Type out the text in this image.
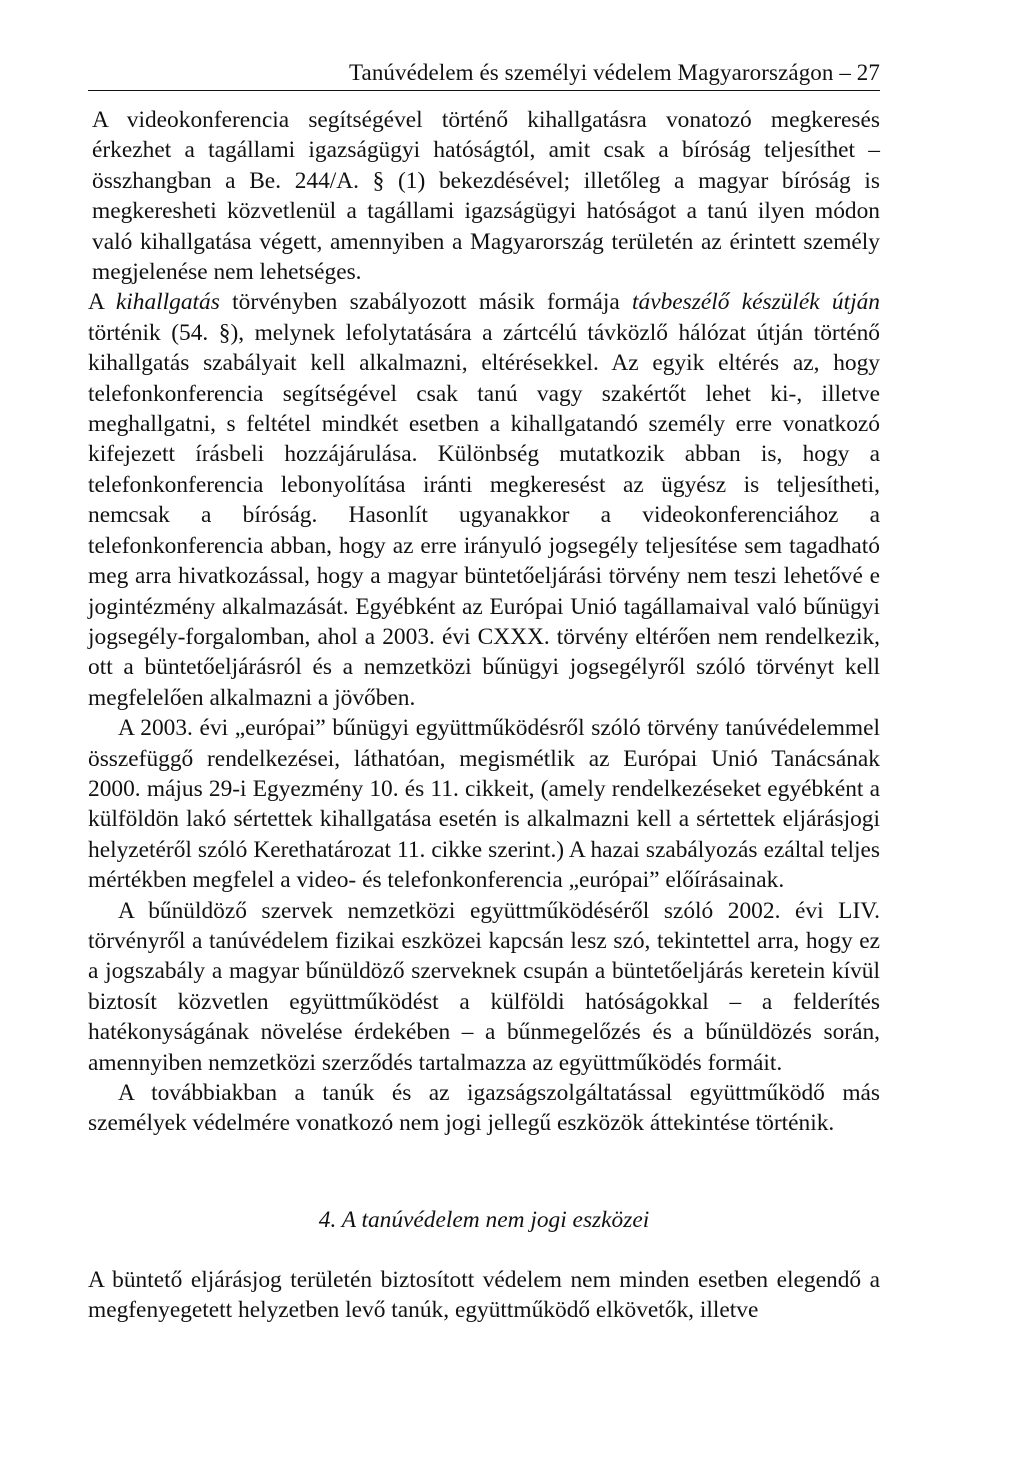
Tanúvédelem és személyi védelem Magyarországon – 27

A videokonferencia segítségével történő kihallgatásra vonatozó megkeresés érkezhet a tagállami igazságügyi hatóságtól, amit csak a bíróság teljesíthet – összhangban a Be. 244/A. § (1) bekezdésével; illetőleg a magyar bíróság is megkeresheti közvetlenül a tagállami igazságügyi hatóságot a tanú ilyen módon való kihallgatása végett, amennyiben a Magyarország területén az érintett személy megjelenése nem lehetséges.

A kihallgatás törvényben szabályozott másik formája távbeszélő készülék útján történik (54. §), melynek lefolytatására a zártcélú távközlő hálózat útján történő kihallgatás szabályait kell alkalmazni, eltérésekkel. Az egyik eltérés az, hogy telefonkonferencia segítségével csak tanú vagy szakértőt lehet ki-, illetve meghallgatni, s feltétel mindkét esetben a kihallgatandó személy erre vonatkozó kifejezett írásbeli hozzájárulása. Különbség mutatkozik abban is, hogy a telefonkonferencia lebonyolítása iránti megkeresést az ügyész is teljesítheti, nemcsak a bíróság. Hasonlít ugyanakkor a videokonferenciához a telefonkonferencia abban, hogy az erre irányuló jogsegély teljesítése sem tagadható meg arra hivatkozással, hogy a magyar büntetőeljárási törvény nem teszi lehetővé e jogintézmény alkalmazását. Egyébként az Európai Unió tagállamaival való bűnügyi jogsegély-forgalomban, ahol a 2003. évi CXXX. törvény eltérően nem rendelkezik, ott a büntetőeljárásról és a nemzetközi bűnügyi jogsegélyről szóló törvényt kell megfelelően alkalmazni a jövőben.

A 2003. évi „európai” bűnügyi együttműködésről szóló törvény tanúvédelemmel összefüggő rendelkezései, láthatóan, megismétlik az Európai Unió Tanácsának 2000. május 29-i Egyezmény 10. és 11. cikkeit, (amely rendelkezéseket egyébként a külföldön lakó sértettek kihallgatása esetén is alkalmazni kell a sértettek eljárásjogi helyzetéről szóló Kerethatározat 11. cikke szerint.) A hazai szabályozás ezáltal teljes mértékben megfelel a video- és telefonkonferencia „európai” előírásainak.

A bűnüldöző szervek nemzetközi együttműködéséről szóló 2002. évi LIV. törvényről a tanúvédelem fizikai eszközei kapcsán lesz szó, tekintettel arra, hogy ez a jogszabály a magyar bűnüldöző szerveknek csupán a büntetőeljárás keretein kívül biztosít közvetlen együttműködést a külföldi hatóságokkal – a felderítés hatékonyságának növelése érdekében – a bűnmegelőzés és a bűnüldözés során, amennyiben nemzetközi szerződés tartalmazza az együttműködés formáit.

A továbbiakban a tanúk és az igazságszolgáltatással együttműködő más személyek védelmére vonatkozó nem jogi jellegű eszközök áttekintése történik.

4. A tanúvédelem nem jogi eszközei

A büntető eljárásjog területén biztosított védelem nem minden esetben elegendő a megfenyegetett helyzetben levő tanúk, együttműködő elkövetők, illetve
